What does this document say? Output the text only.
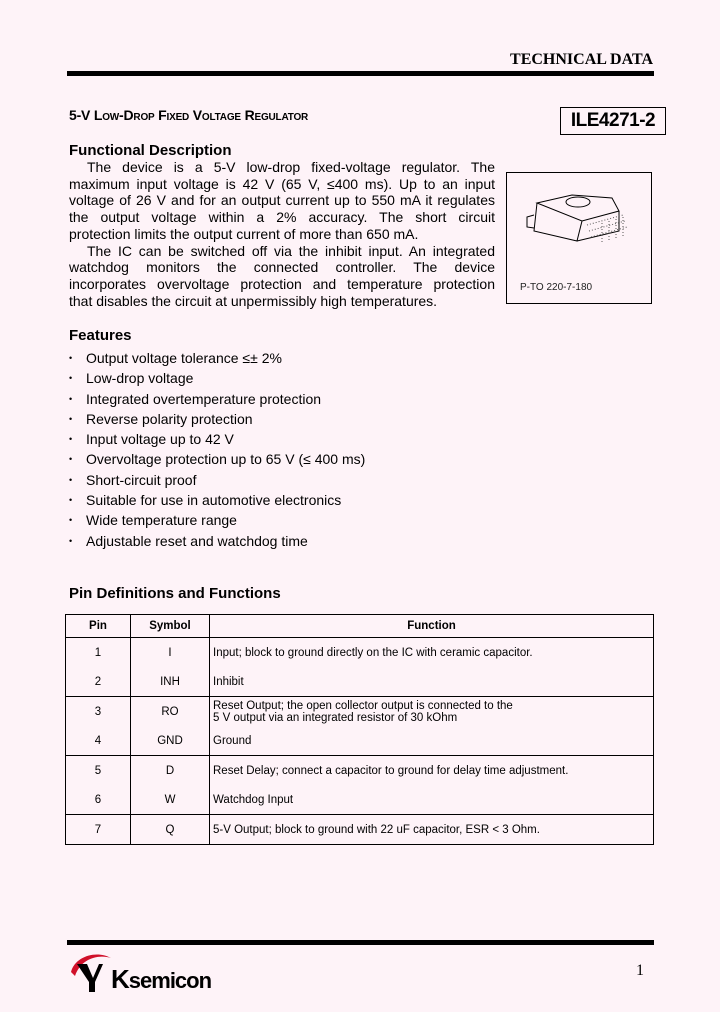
TECHNICAL DATA
5-V Low-Drop Fixed Voltage Regulator	ILE4271-2
Functional Description
The device is a 5-V low-drop fixed-voltage regulator. The
maximum input voltage is 42 V (65 V, ≤400 ms). Up to an input
voltage of 26 V and for an output current up to 550 mA it regulates
the output voltage within a 2% accuracy. The short circuit
protection limits the output current of more than 650 mA.
The IC can be switched off via the inhibit input. An integrated
watchdog monitors the connected controller. The device
incorporates overvoltage protection and temperature protection
that disables the circuit at unpermissibly high temperatures.
P-TO 220-7-180
Features
• Output voltage tolerance ≤± 2%
• Low-drop voltage
• Integrated overtemperature protection
• Reverse polarity protection
• Input voltage up to 42 V
• Overvoltage protection up to 65 V (≤ 400 ms)
• Short-circuit proof
• Suitable for use in automotive electronics
• Wide temperature range
• Adjustable reset and watchdog time
Pin Definitions and Functions
Pin	Symbol	Function
1	I	Input; block to ground directly on the IC with ceramic capacitor.
2	INH	Inhibit
3	RO	Reset Output; the open collector output is connected to the
5 V output via an integrated resistor of 30 kOhm
4	GND	Ground
5	D	Reset Delay; connect a capacitor to ground for delay time adjustment.
6	W	Watchdog Input
7	Q	5-V Output; block to ground with 22 uF capacitor, ESR < 3 Ohm.
Ksemicon	1
